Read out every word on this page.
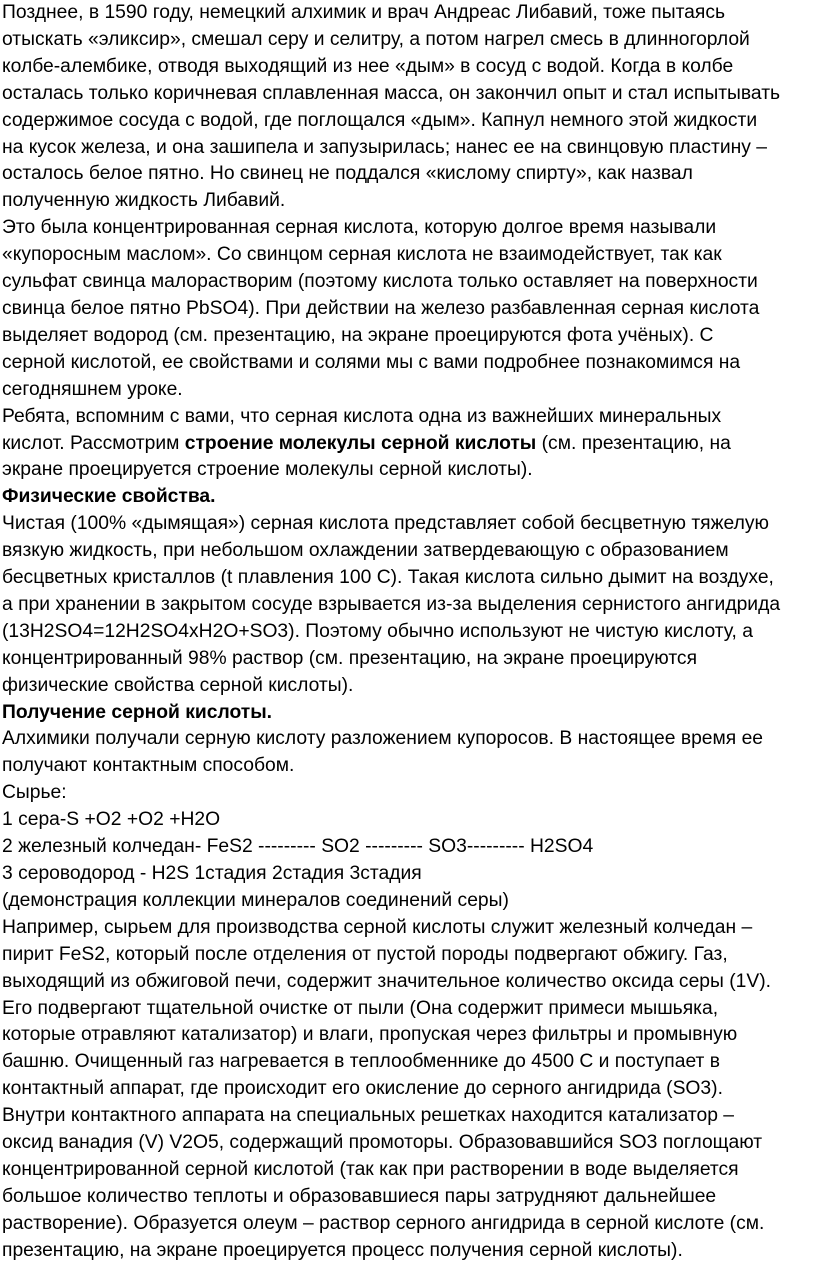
Позднее, в 1590 году, немецкий алхимик и врач Андреас Либавий, тоже пытаясь
отыскать «эликсир», смешал серу и селитру, а потом нагрел смесь в длинногорлой
колбе-алембике, отводя выходящий из нее «дым» в сосуд с водой. Когда в колбе
осталась только коричневая сплавленная масса, он закончил опыт и стал испытывать
содержимое сосуда с водой, где поглощался «дым». Капнул немного этой жидкости
на кусок железа, и она зашипела и запузырилась; нанес ее на свинцовую пластину –
осталось белое пятно. Но свинец не поддался «кислому спирту», как назвал
полученную жидкость Либавий.
Это была концентрированная серная кислота, которую долгое время называли
«купоросным маслом». Со свинцом серная кислота не взаимодействует, так как
сульфат свинца малорастворим (поэтому кислота только оставляет на поверхности
свинца белое пятно PbSO4). При действии на железо разбавленная серная кислота
выделяет водород (см. презентацию, на экране проецируются фота учёных). С
серной кислотой, ее свойствами и солями мы с вами подробнее познакомимся на
сегодняшнем уроке.
Ребята, вспомним с вами, что серная кислота одна из важнейших минеральных
кислот. Рассмотрим строение молекулы серной кислоты (см. презентацию, на
экране проецируется строение молекулы серной кислоты).
Физические свойства.
Чистая (100% «дымящая») серная кислота представляет собой бесцветную тяжелую
вязкую жидкость, при небольшом охлаждении затвердевающую с образованием
бесцветных кристаллов (t плавления 100 С). Такая кислота сильно дымит на воздухе,
а при хранении в закрытом сосуде взрывается из-за выделения сернистого ангидрида
(13H2SO4=12H2SO4xH2O+SO3). Поэтому обычно используют не чистую кислоту, а
концентрированный 98% раствор (см. презентацию, на экране проецируются
физические свойства серной кислоты).
Получение серной кислоты.
Алхимики получали серную кислоту разложением купоросов. В настоящее время ее
получают контактным способом.
Сырье:
1 сера-S +O2 +O2 +H2O
2 железный колчедан- FeS2 --------- SO2 --------- SO3--------- H2SO4
3 сероводород - H2S 1стадия 2стадия 3стадия
(демонстрация коллекции минералов соединений серы)
Например, сырьем для производства серной кислоты служит железный колчедан –
пирит FeS2, который после отделения от пустой породы подвергают обжигу. Газ,
выходящий из обжиговой печи, содержит значительное количество оксида серы (1V).
Его подвергают тщательной очистке от пыли (Она содержит примеси мышьяка,
которые отравляют катализатор) и влаги, пропуская через фильтры и промывную
башню. Очищенный газ нагревается в теплообменнике до 4500 С и поступает в
контактный аппарат, где происходит его окисление до серного ангидрида (SO3).
Внутри контактного аппарата на специальных решетках находится катализатор –
оксид ванадия (V) V2O5, содержащий промоторы. Образовавшийся SO3 поглощают
концентрированной серной кислотой (так как при растворении в воде выделяется
большое количество теплоты и образовавшиеся пары затрудняют дальнейшее
растворение). Образуется олеум – раствор серного ангидрида в серной кислоте (см.
презентацию, на экране проецируется процесс получения серной кислоты).
